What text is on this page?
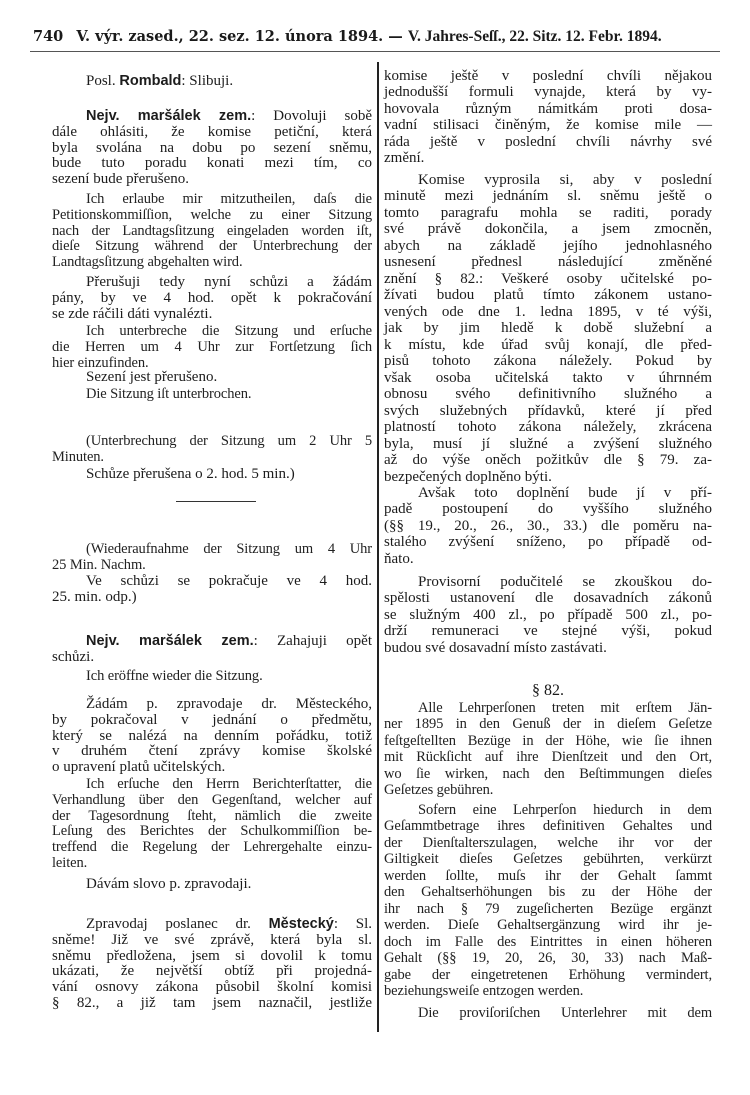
740 V. výr. zased., 22. sez. 12. února 1894. — V. Jahres-Seſſ., 22. Sitz. 12. Febr. 1894.
Posl. Rombald: Slibuji.
Nejv. maršálek zem.: Dovoluji sobě
dále ohlásiti, že komise petiční, která
byla svolána na dobu po sezení sněmu,
bude tuto poradu konati mezi tím, co
sezení bude přerušeno.
Ich erlaube mir mitzutheilen, daſs die
Petitionskommiſſion, welche zu einer Sitzung
nach der Landtagsſitzung eingeladen worden iſt,
dieſe Sitzung während der Unterbrechung der
Landtagsſitzung abgehalten wird.
Přerušuji tedy nyní schůzi a žádám
pány, by ve 4 hod. opět k pokračování
se zde ráčili dáti vynalézti.
Ich unterbreche die Sitzung und erſuche
die Herren um 4 Uhr zur Fortſetzung ſich
hier einzufinden.
Sezení jest přerušeno.
Die Sitzung iſt unterbrochen.
(Unterbrechung der Sitzung um 2 Uhr 5
Minuten.
Schůze přerušena o 2. hod. 5 min.)
(Wiederaufnahme der Sitzung um 4 Uhr
25 Min. Nachm.
Ve schůzi se pokračuje ve 4 hod.
25. min. odp.)
Nejv. maršálek zem.: Zahajuji opět
schůzi.
Ich eröffne wieder die Sitzung.
Žádám p. zpravodaje dr. Městeckého,
by pokračoval v jednání o předmětu,
který se nalézá na denním pořádku, totiž
v druhém čtení zprávy komise školské
o upravení platů učitelských.
Ich erſuche den Herrn Berichterſtatter, die
Verhandlung über den Gegenſtand, welcher auf
der Tagesordnung ſteht, nämlich die zweite
Leſung des Berichtes der Schulkommiſſion be-
treffend die Regelung der Lehrergehalte einzu-
leiten.
Dávám slovo p. zpravodaji.
Zpravodaj poslanec dr. Městecký: Sl.
sněme! Již ve své zprávě, která byla sl.
sněmu předložena, jsem si dovolil k tomu
ukázati, že největší obtíž při projedná-
vání osnovy zákona působil školní komisi
§ 82., a již tam jsem naznačil, jestliže
§ 82.
komise ještě v poslední chvíli nějakou
jednodušší formuli vynajde, která by vy-
hovovala různým námitkám proti dosa-
vadní stilisaci činěným, že komise mile —
ráda ještě v poslední chvíli návrhy své
změní.
Komise vyprosila si, aby v poslední
minutě mezi jednáním sl. sněmu ještě o
tomto paragrafu mohla se raditi, porady
své právě dokončila, a jsem zmocněn,
abych na základě jejího jednohlasného
usnesení přednesl následující změněné
znění § 82.: Veškeré osoby učitelské po-
žívati budou platů tímto zákonem ustano-
vených ode dne 1. ledna 1895, v té výši,
jak by jim hledě k době služební a
k místu, kde úřad svůj konají, dle před-
pisů tohoto zákona náležely. Pokud by
však osoba učitelská takto v úhrnném
obnosu svého definitivního služného a
svých služebných přídavků, které jí před
platností tohoto zákona náležely, zkrácena
byla, musí jí služné a zvýšení služného
až do výše oněch požitkův dle § 79. za-
bezpečených doplněno býti.
Avšak toto doplnění bude jí v pří-
padě postoupení do vyššího služného
(§§ 19., 20., 26., 30., 33.) dle poměru na-
stalého zvýšení sníženo, po případě od-
ňato.
Provisorní podučitelé se zkouškou do-
spělosti ustanovení dle dosavadních zákonů
se služným 400 zl., po případě 500 zl., po-
drží remuneraci ve stejné výši, pokud
budou své dosavadní místo zastávati.
Alle Lehrperſonen treten mit erſtem Jän-
ner 1895 in den Genuß der in dieſem Geſetze
feſtgeſtellten Bezüge in der Höhe, wie ſie ihnen
mit Rückſicht auf ihre Dienſtzeit und den Ort,
wo ſie wirken, nach den Beſtimmungen dieſes
Geſetzes gebühren.
Sofern eine Lehrperſon hiedurch in dem
Geſammtbetrage ihres definitiven Gehaltes und
der Dienſtalterszulagen, welche ihr vor der
Giltigkeit dieſes Geſetzes gebührten, verkürzt
werden ſollte, muſs ihr der Gehalt ſammt
den Gehaltserhöhungen bis zu der Höhe der
ihr nach § 79 zugeſicherten Bezüge ergänzt
werden. Dieſe Gehaltsergänzung wird ihr je-
doch im Falle des Eintrittes in einen höheren
Gehalt (§§ 19, 20, 26, 30, 33) nach Maß-
gabe der eingetretenen Erhöhung vermindert,
beziehungsweiſe entzogen werden.
Die proviſoriſchen Unterlehrer mit dem
